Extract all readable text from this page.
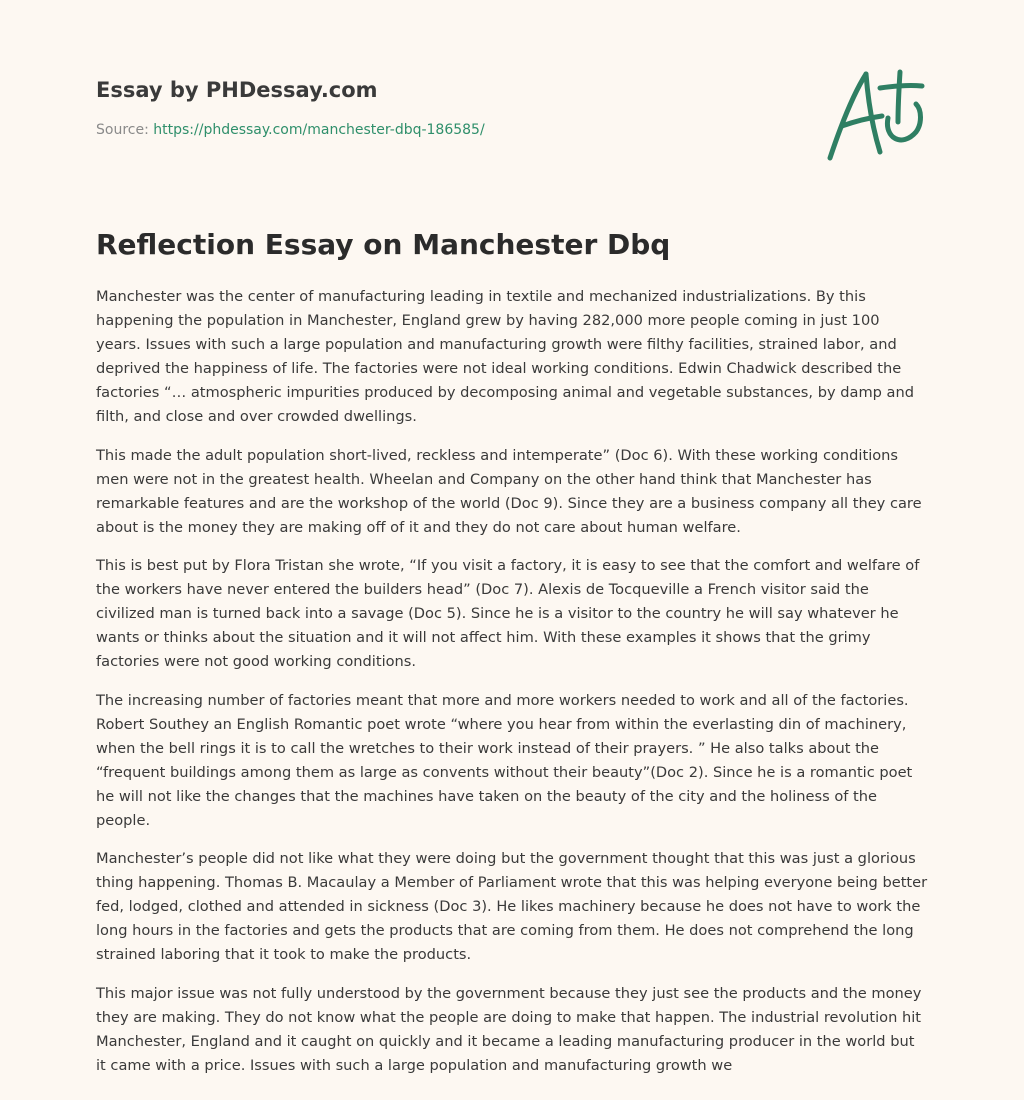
Essay by PHDessay.com
Source: https://phdessay.com/manchester-dbq-186585/
Reflection Essay on Manchester Dbq

Manchester was the center of manufacturing leading in textile and mechanized industrializations. By this happening the population in Manchester, England grew by having 282,000 more people coming in just 100 years. Issues with such a large population and manufacturing growth were filthy facilities, strained labor, and deprived the happiness of life. The factories were not ideal working conditions. Edwin Chadwick described the factories “… atmospheric impurities produced by decomposing animal and vegetable substances, by damp and filth, and close and over crowded dwellings.

This made the adult population short-lived, reckless and intemperate” (Doc 6). With these working conditions men were not in the greatest health. Wheelan and Company on the other hand think that Manchester has remarkable features and are the workshop of the world (Doc 9). Since they are a business company all they care about is the money they are making off of it and they do not care about human welfare.

This is best put by Flora Tristan she wrote, “If you visit a factory, it is easy to see that the comfort and welfare of the workers have never entered the builders head” (Doc 7). Alexis de Tocqueville a French visitor said the civilized man is turned back into a savage (Doc 5). Since he is a visitor to the country he will say whatever he wants or thinks about the situation and it will not affect him. With these examples it shows that the grimy factories were not good working conditions.

The increasing number of factories meant that more and more workers needed to work and all of the factories. Robert Southey an English Romantic poet wrote “where you hear from within the everlasting din of machinery, when the bell rings it is to call the wretches to their work instead of their prayers. ” He also talks about the “frequent buildings among them as large as convents without their beauty”(Doc 2). Since he is a romantic poet he will not like the changes that the machines have taken on the beauty of the city and the holiness of the people.

Manchester’s people did not like what they were doing but the government thought that this was just a glorious thing happening. Thomas B. Macaulay a Member of Parliament wrote that this was helping everyone being better fed, lodged, clothed and attended in sickness (Doc 3). He likes machinery because he does not have to work the long hours in the factories and gets the products that are coming from them. He does not comprehend the long strained laboring that it took to make the products.

This major issue was not fully understood by the government because they just see the products and the money they are making. They do not know what the people are doing to make that happen. The industrial revolution hit Manchester, England and it caught on quickly and it became a leading manufacturing producer in the world but it came with a price. Issues with such a large population and manufacturing growth we
